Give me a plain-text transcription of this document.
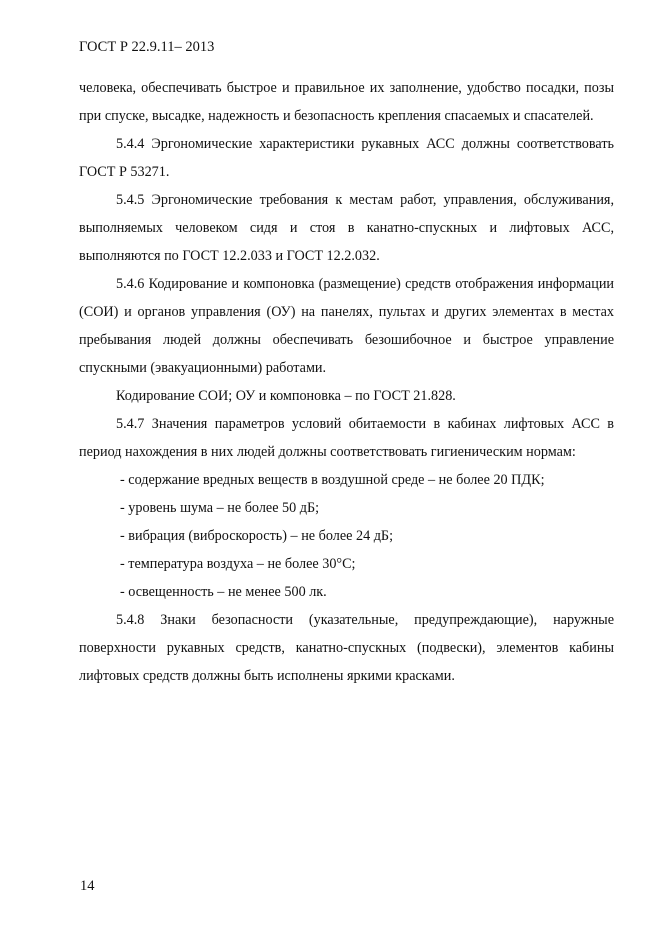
ГОСТ Р 22.9.11– 2013

человека, обеспечивать быстрое и правильное их заполнение, удобство посадки, позы при спуске, высадке, надежность и безопасность крепления спасаемых и спасателей.

5.4.4 Эргономические характеристики рукавных АСС должны соответствовать ГОСТ Р 53271.

5.4.5 Эргономические требования к местам работ, управления, обслуживания, выполняемых человеком сидя и стоя в канатно-спускных и лифтовых АСС, выполняются по ГОСТ 12.2.033 и ГОСТ 12.2.032.

5.4.6 Кодирование и компоновка (размещение) средств отображения информации (СОИ) и органов управления (ОУ) на панелях, пультах и других элементах в местах пребывания людей должны обеспечивать безошибочное и быстрое управление спускными (эвакуационными) работами.

Кодирование СОИ; ОУ и компоновка – по ГОСТ 21.828.

5.4.7 Значения параметров условий обитаемости в кабинах лифтовых АСС в период нахождения в них людей должны соответствовать гигиеническим нормам:

- содержание вредных веществ в воздушной среде – не более 20 ПДК;
- уровень шума – не более 50 дБ;
- вибрация (виброскорость) – не более 24 дБ;
- температура воздуха – не более 30°С;
- освещенность – не менее 500 лк.

5.4.8 Знаки безопасности (указательные, предупреждающие), наружные поверхности рукавных средств, канатно-спускных (подвески), элементов кабины лифтовых средств должны быть исполнены яркими красками.

14
